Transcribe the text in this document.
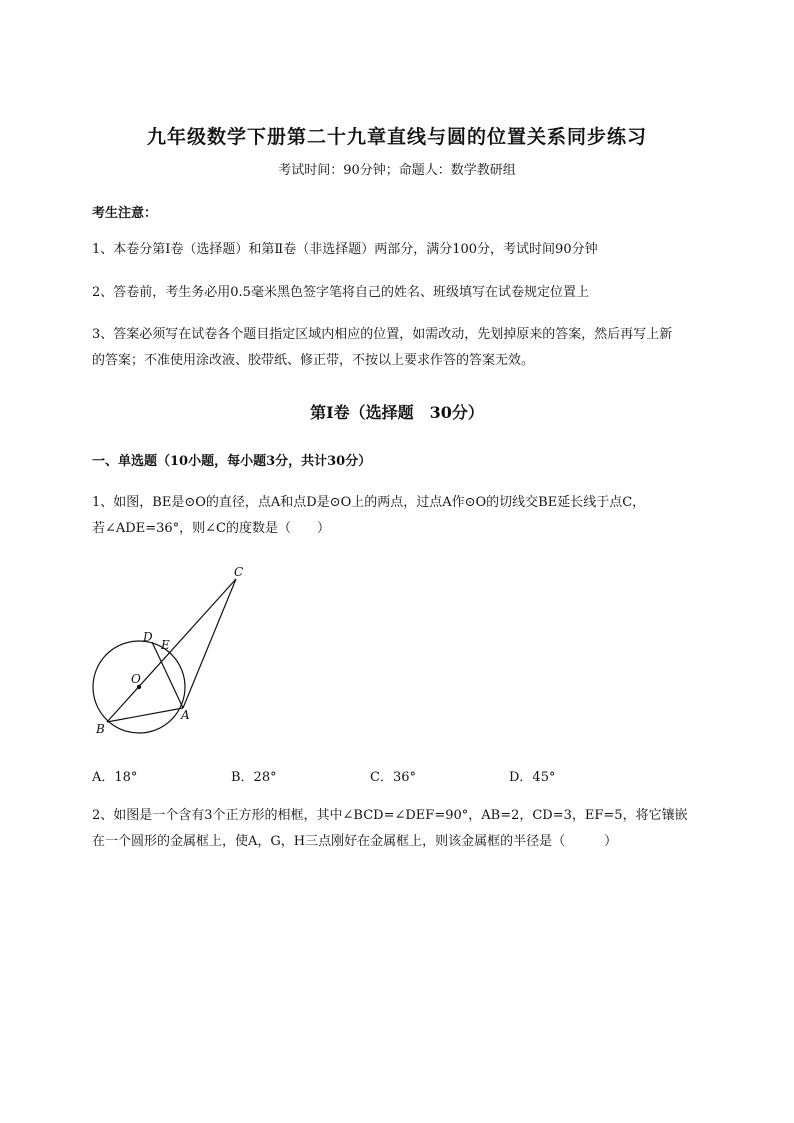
九年级数学下册第二十九章直线与圆的位置关系同步练习
考试时间：90分钟；命题人：数学教研组
考生注意：
1、本卷分第Ⅰ卷（选择题）和第Ⅱ卷（非选择题）两部分，满分100分，考试时间90分钟
2、答卷前，考生务必用0.5毫米黑色签字笔将自己的姓名、班级填写在试卷规定位置上
3、答案必须写在试卷各个题目指定区域内相应的位置，如需改动，先划掉原来的答案，然后再写上新
的答案；不准使用涂改液、胶带纸、修正带，不按以上要求作答的答案无效。
第Ⅰ卷（选择题　30分）
一、单选题（10小题，每小题3分，共计30分）
1、如图，BE是⊙O的直径，点A和点D是⊙O上的两点，过点A作⊙O的切线交BE延长线于点C，
若∠ADE=36°，则∠C的度数是（　　）
C
D
E
O
A
B
A．18°	B．28°	C．36°	D．45°
2、如图是一个含有3个正方形的相框，其中∠BCD=∠DEF=90°，AB=2，CD=3，EF=5，将它镶嵌
在一个圆形的金属框上，使A，G，H三点刚好在金属框上，则该金属框的半径是（　　　）
